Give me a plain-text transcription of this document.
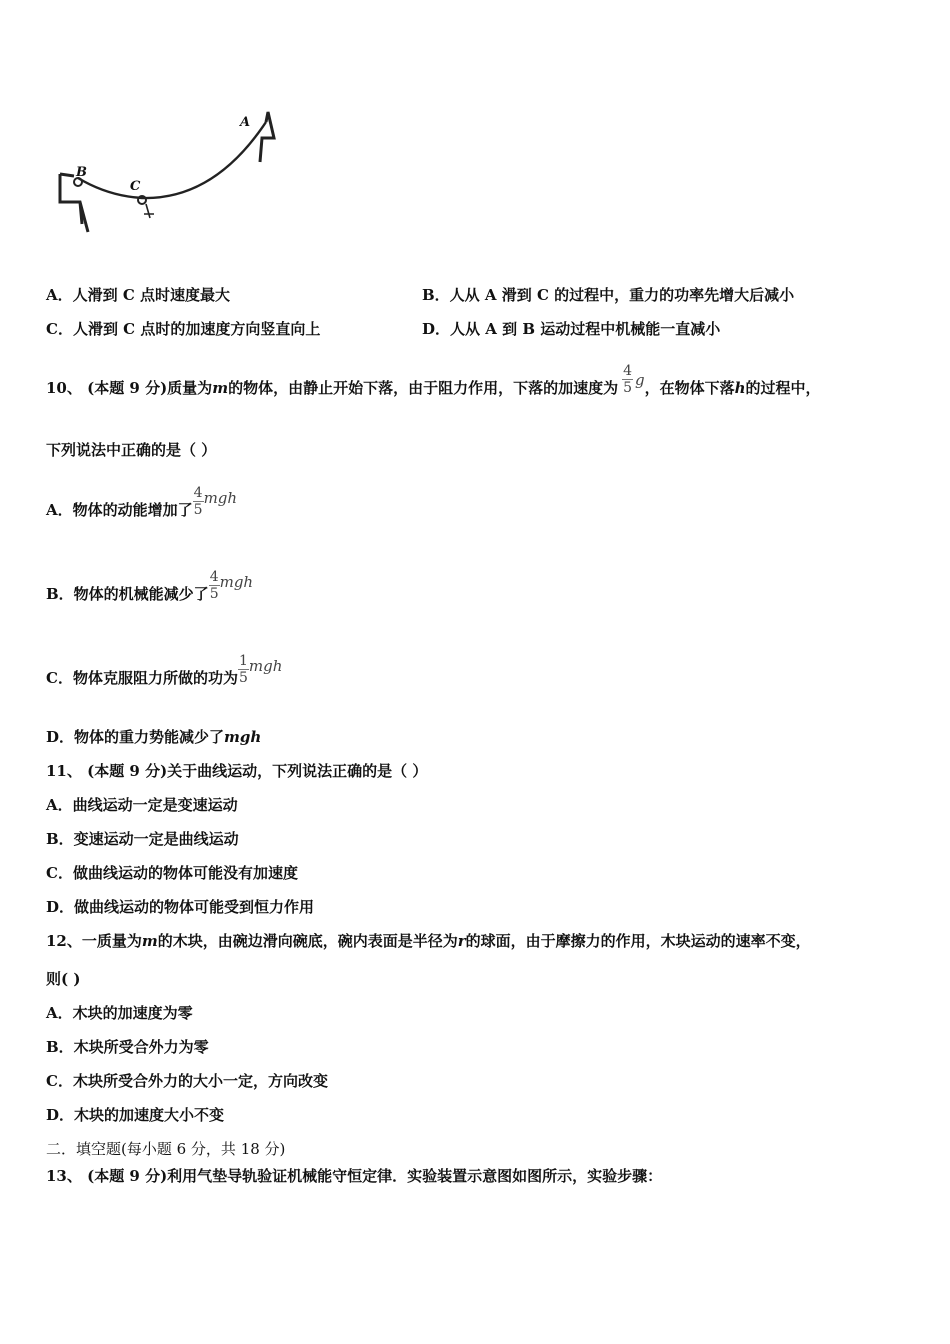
B
C
A
A．人滑到 C 点时速度最大	B．人从 A 滑到 C 的过程中，重力的功率先增大后减小
C．人滑到 C 点时的加速度方向竖直向上	D．人从 A 到 B 运动过程中机械能一直减小
10、 (本题 9 分)质量为m的物体，由静止开始下落，由于阻力作用，下落的加速度为 $\frac{4}{5}$ g，在物体下落h的过程中，
下列说法中正确的是（ ）
A．物体的动能增加了 $\frac{4}{5}$ mgh
B．物体的机械能减少了 $\frac{4}{5}$ mgh
C．物体克服阻力所做的功为 $\frac{1}{5}$ mgh
D．物体的重力势能减少了mgh
11、 (本题 9 分)关于曲线运动，下列说法正确的是（ ）
A．曲线运动一定是变速运动
B．变速运动一定是曲线运动
C．做曲线运动的物体可能没有加速度
D．做曲线运动的物体可能受到恒力作用
12、一质量为m的木块，由碗边滑向碗底，碗内表面是半径为r的球面，由于摩擦力的作用，木块运动的速率不变，
则( )
A．木块的加速度为零
B．木块所受合外力为零
C．木块所受合外力的大小一定，方向改变
D．木块的加速度大小不变
二．填空题(每小题 6 分，共 18 分)
13、 (本题 9 分)利用气垫导轨验证机械能守恒定律．实验装置示意图如图所示，实验步骤：
